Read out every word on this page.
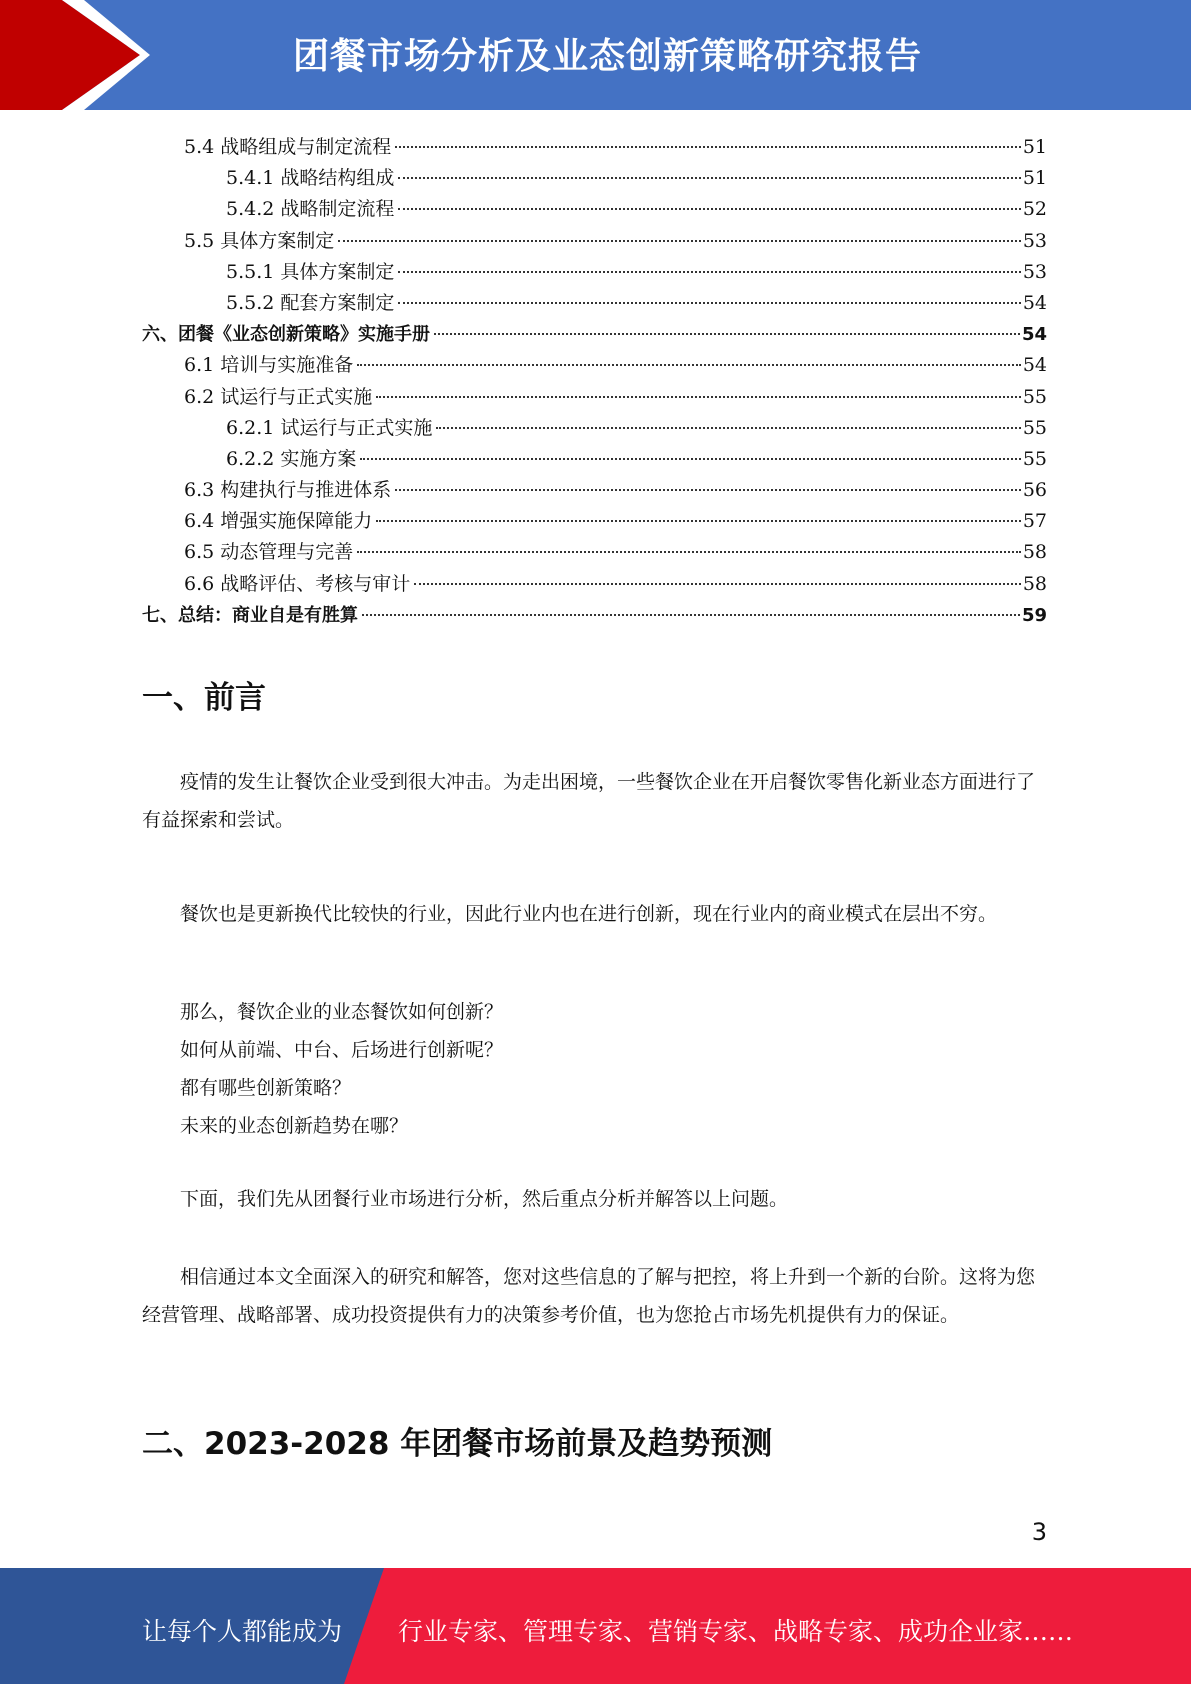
团餐市场分析及业态创新策略研究报告
5.4 战略组成与制定流程	51
5.4.1 战略结构组成	51
5.4.2 战略制定流程	52
5.5 具体方案制定	53
5.5.1 具体方案制定	53
5.5.2 配套方案制定	54
六、团餐《业态创新策略》实施手册	54
6.1 培训与实施准备	54
6.2 试运行与正式实施	55
6.2.1 试运行与正式实施	55
6.2.2 实施方案	55
6.3 构建执行与推进体系	56
6.4 增强实施保障能力	57
6.5 动态管理与完善	58
6.6 战略评估、考核与审计	58
七、总结：商业自是有胜算	59
一、前言

疫情的发生让餐饮企业受到很大冲击。为走出困境，一些餐饮企业在开启餐饮零售化新业态方面进行了有益探索和尝试。

餐饮也是更新换代比较快的行业，因此行业内也在进行创新，现在行业内的商业模式在层出不穷。

那么，餐饮企业的业态餐饮如何创新？

如何从前端、中台、后场进行创新呢？

都有哪些创新策略？

未来的业态创新趋势在哪？

下面，我们先从团餐行业市场进行分析，然后重点分析并解答以上问题。

相信通过本文全面深入的研究和解答，您对这些信息的了解与把控，将上升到一个新的台阶。这将为您经营管理、战略部署、成功投资提供有力的决策参考价值，也为您抢占市场先机提供有力的保证。

二、2023-2028 年团餐市场前景及趋势预测
3
让每个人都能成为 行业专家、管理专家、营销专家、战略专家、成功企业家……
